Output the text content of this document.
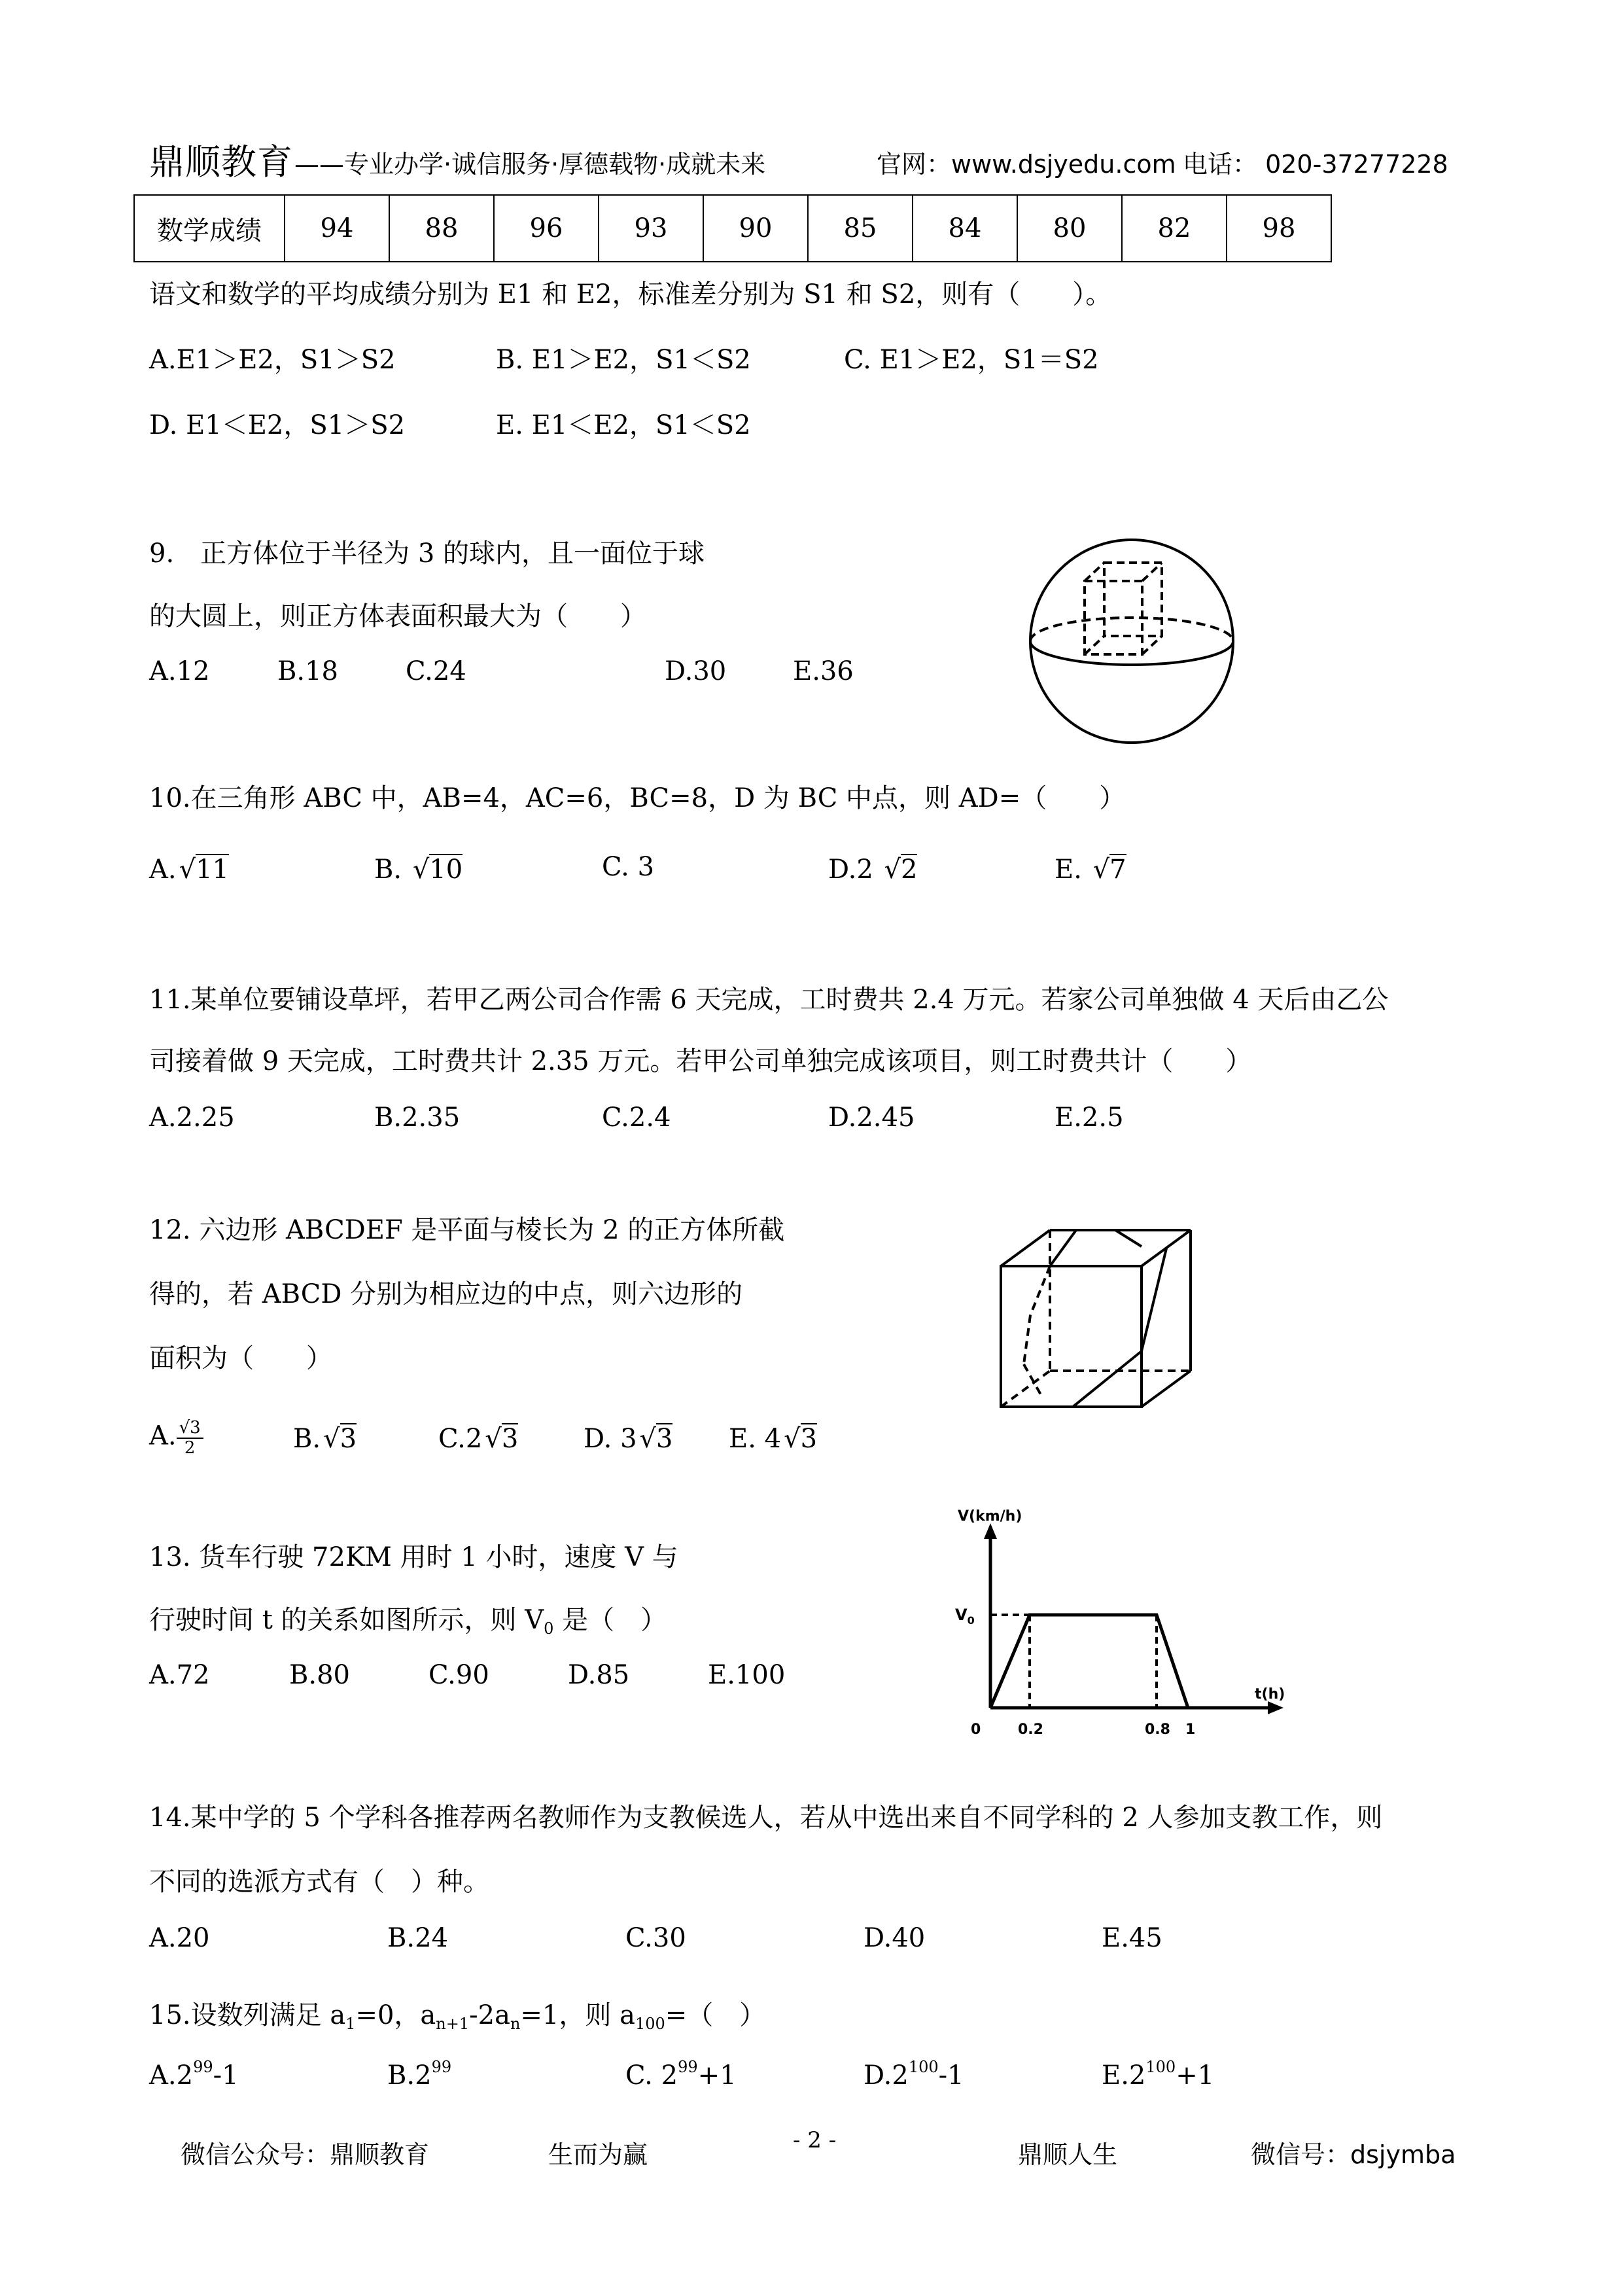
鼎顺教育 ——专业办学·诚信服务·厚德载物·成就未来	官网：www.dsjyedu.com 电话： 020-37277228
数学成绩	94	88	96	93	90	85	84	80	82	98
语文和数学的平均成绩分别为 E1 和 E2，标准差分别为 S1 和 S2，则有（　　）。
A.E1＞E2，S1＞S2	B. E1＞E2，S1＜S2	C. E1＞E2，S1＝S2
D. E1＜E2，S1＞S2	E. E1＜E2，S1＜S2
9.　正方体位于半径为 3 的球内，且一面位于球
的大圆上，则正方体表面积最大为（　　）
A.12	B.18	C.24	D.30	E.36
10.在三角形 ABC 中，AB=4，AC=6，BC=8，D 为 BC 中点，则 AD=（　　）
A. √11	B. √10	C. 3	D.2 √2	E. √7
11.某单位要铺设草坪，若甲乙两公司合作需 6 天完成，工时费共 2.4 万元。若家公司单独做 4 天后由乙公
司接着做 9 天完成，工时费共计 2.35 万元。若甲公司单独完成该项目，则工时费共计（　　）
A.2.25	B.2.35	C.2.4	D.2.45	E.2.5
12. 六边形 ABCDEF 是平面与棱长为 2 的正方体所截
得的，若 ABCD 分别为相应边的中点，则六边形的
面积为（　　）
A. $\frac{√3}{2}$	B. √3	C.2 √3 D. 3 √3 E. 4 √3
13. 货车行驶 72KM 用时 1 小时，速度 V 与
行驶时间 t 的关系如图所示，则 $V_0$ 是（　）
A.72	B.80	C.90	D.85	E.100
V(km/h)
$V_0$
t(h)
0	0.2	0.8 1
14.某中学的 5 个学科各推荐两名教师作为支教候选人，若从中选出来自不同学科的 2 人参加支教工作，则
不同的选派方式有（　）种。
A.20	B.24	C.30	D.40	E.45
15.设数列满足 $a_1=0$，$a_{n+1}-2a_n=1$，则 $a_{100}=$（　）
$A.2^{99}-1$	$B.2^{99}$	C. $2^{99}+1$	$D.2^{100}-1$	$E.2^{100}+1$
微信公众号：鼎顺教育	生而为赢	- 2 -	鼎顺人生	微信号：dsjymba
